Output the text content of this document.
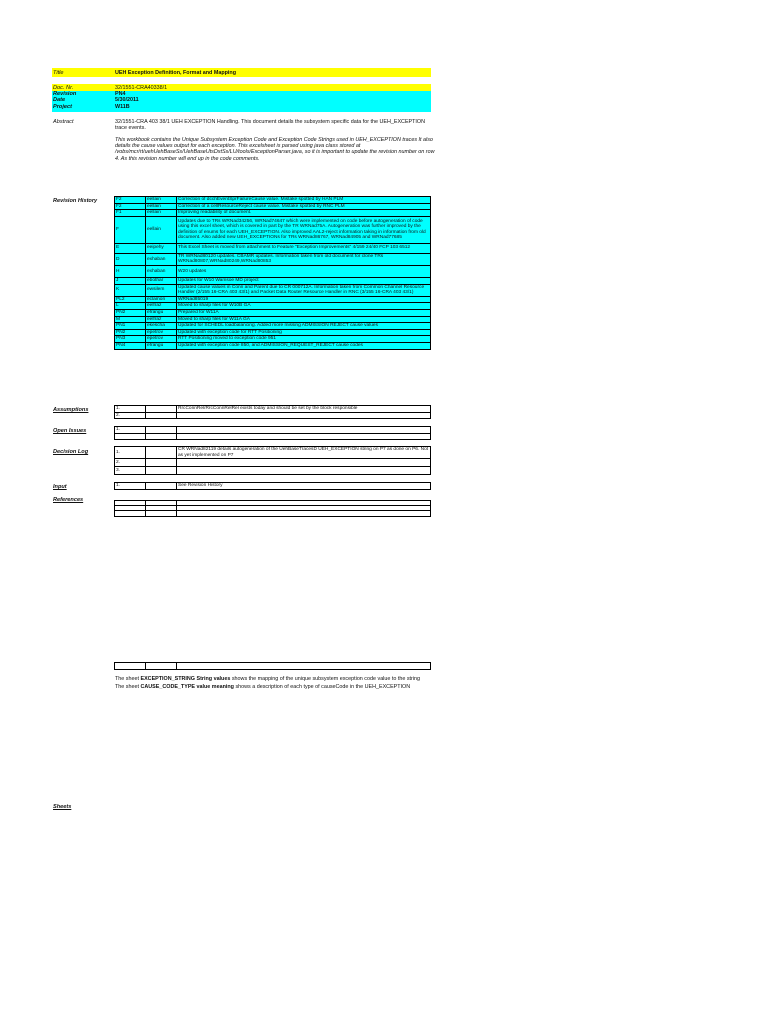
Title	UEH Exception Definition, Format and Mapping
Doc. Nr.	32/1551-CRA40338/1
Revision	PN4
Date	5/30/2011
Project	W11B
Abstract	32/1551-CRA 403 38/1 UEH EXCEPTION Handling. This document details the subsystem specific data for the UEH_EXCEPTION trace events.
This workbook contains the Unique Subsystem Exception Code and Exception Code Strings used in UEH_EXCEPTION traces It also details the cause values output for each exception. This excelsheet is parsed using java class stored at /vobs/mcr/rt/uehUehBaseSs/UehBaseUtsDxtSs/LU/tools/ExceptionParser.java, so it is important to update the revision number on row 4. As this revision number will end up in the code comments.
Revision History	F2	eellain	Correction of dcchEventSprFailureCause value. Mistake spotted by HAN PLM
F2	eellain	Correction of a cellResourceReject cause value. Mistake spotted by RNC PLM
F1	eellain	Improving readability of document.
F	eellain	Updates due to TRs WRNad34256, WRNad74647 which were implemented on code before autogeneration of code using this excel sheet, which is covered in part by the TR WRNad75A. Autogeneration was further improved by the definition of enums for each UEH_EXCEPTION. Also improved AAL2-reject information taking in information from old document. Also added new UEH_EXCEPTIONs for TRs WRNad86767, WRNad84905 and WRNad77685
E	eeipehy	This Excel Sheet is moved from attachment to Feature "Exception Improvements" 4/159 24/40 FCP 103 6512
D	exhaban	TR WRNad80120 updates. CBAMR updates. Information taken from old document for clone TRs WRNad80807,WRNad80249,WRNad80853
H	exhaban	W20 updates
J	ebothar	Updates for W10 Wamsoe MD project
K	ewsilem	Updated cause values in Conn and Parent due to CR 000712A. Information taken from Common Channel Resource Handler (2/155 16-CRA 403 43/1) and Packet Data Router Resource Handler in RNC (3/155 16-CRA 403 43/1)
PL2	eclamon	WRNad85019
L	eelfraz	Moved to sharp files for W10B GA
PN2	efrangu	Prepared for W11A
M	eelfraz	Moved to sharp files for W11A GA
PN1	ekescha	Updated for SCHEDL loadbalancing. Added more missing ADMISSION REJECT cause values
PN2	epetrov	Updated with exception code for RTT Positioning
PN3	epetrov	RTT Positioning moved to exception code 951
PN4	efrangu	Updated with exception code 850, and ADMISSION_REQUEST_REJECT cause codes
Assumptions	1.		RrcConnRel/RrcConnRelRel exists today and should be set by the block responsible
2.		
Open Issues	1.		

Decision Log	1.		CR WRNad82119 details autogeneration of the UehBaseTracesD UEH_EXCEPTION string on P7 as done on P6. Not as yet implemented on P7
2.		
3.		
Input	1.		See Revision History
References

The sheet EXCEPTION_STRING String values shows the mapping of the unique subsystem exception code value to the string
The sheet CAUSE_CODE_TYPE value meaning shows a description of each type of causeCode in the UEH_EXCEPTION
Sheets
